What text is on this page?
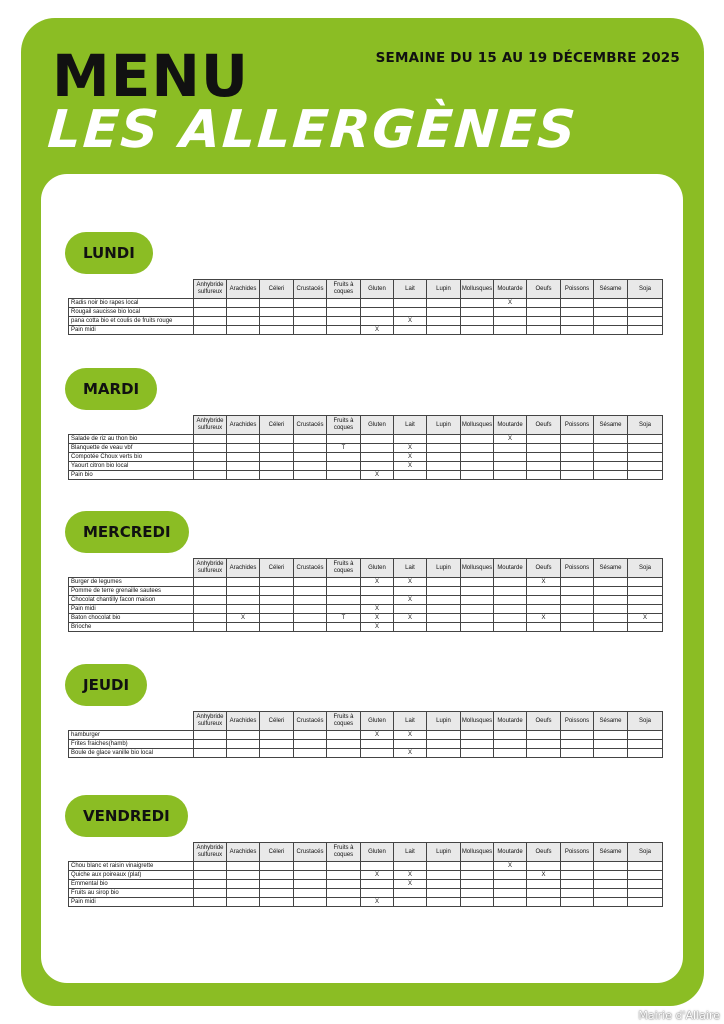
MENU
LES ALLERGÈNES
SEMAINE DU 15 AU 19 DÉCEMBRE 2025
LUNDI
	Anhybride sulfureux	Arachides	Céleri	Crustacés	Fruits à coques	Gluten	Lait	Lupin	Mollusques	Moutarde	Oeufs	Poissons	Sésame	Soja
Radis noir bio rapes local										X				
Rougail saucisse bio local														
pana cotta bio et coulis de fruits rouge							X							
Pain midi						X								
MARDI
	Anhybride sulfureux	Arachides	Céleri	Crustacés	Fruits à coques	Gluten	Lait	Lupin	Mollusques	Moutarde	Oeufs	Poissons	Sésame	Soja
Salade de riz au thon bio										X				
Blanquette de veau vbf					T		X							
Compotée Choux verts bio							X							
Yaourt citron bio local							X							
Pain bio						X								
MERCREDI
	Anhybride sulfureux	Arachides	Céleri	Crustacés	Fruits à coques	Gluten	Lait	Lupin	Mollusques	Moutarde	Oeufs	Poissons	Sésame	Soja
Burger de legumes						X	X				X			
Pomme de terre grenaille sautees														
Chocolat chantilly facon maison							X							
Pain midi						X								
Baton chocolat bio		X			T	X	X				X			X
Brioche						X								
JEUDI
	Anhybride sulfureux	Arachides	Céleri	Crustacés	Fruits à coques	Gluten	Lait	Lupin	Mollusques	Moutarde	Oeufs	Poissons	Sésame	Soja
hamburger						X	X							
Frites fraiches(hamb)														
Boule de glace vanille bio local							X							
VENDREDI
	Anhybride sulfureux	Arachides	Céleri	Crustacés	Fruits à coques	Gluten	Lait	Lupin	Mollusques	Moutarde	Oeufs	Poissons	Sésame	Soja
Chou blanc et raisin vinaigrette										X				
Quiche aux poireaux (plat)						X	X				X			
Emmental bio							X							
Fruits au sirop bio														
Pain midi						X								
Mairie d'Allaire
